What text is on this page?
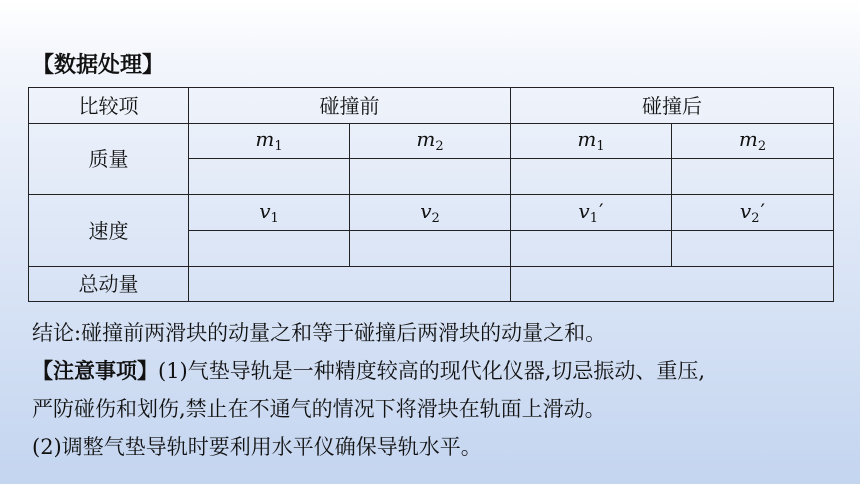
【数据处理】
比较项	碰撞前		碰撞后	
质量	$m_1$	$m_2$	$m_1$	$m_2$

速度	$v_1$	$v_2$	$v_1'$	$v_2'$

总动量				

结论:碰撞前两滑块的动量之和等于碰撞后两滑块的动量之和。

【注意事项】(1)气垫导轨是一种精度较高的现代化仪器,切忌振动、重压,

严防碰伤和划伤,禁止在不通气的情况下将滑块在轨面上滑动。

(2)调整气垫导轨时要利用水平仪确保导轨水平。
